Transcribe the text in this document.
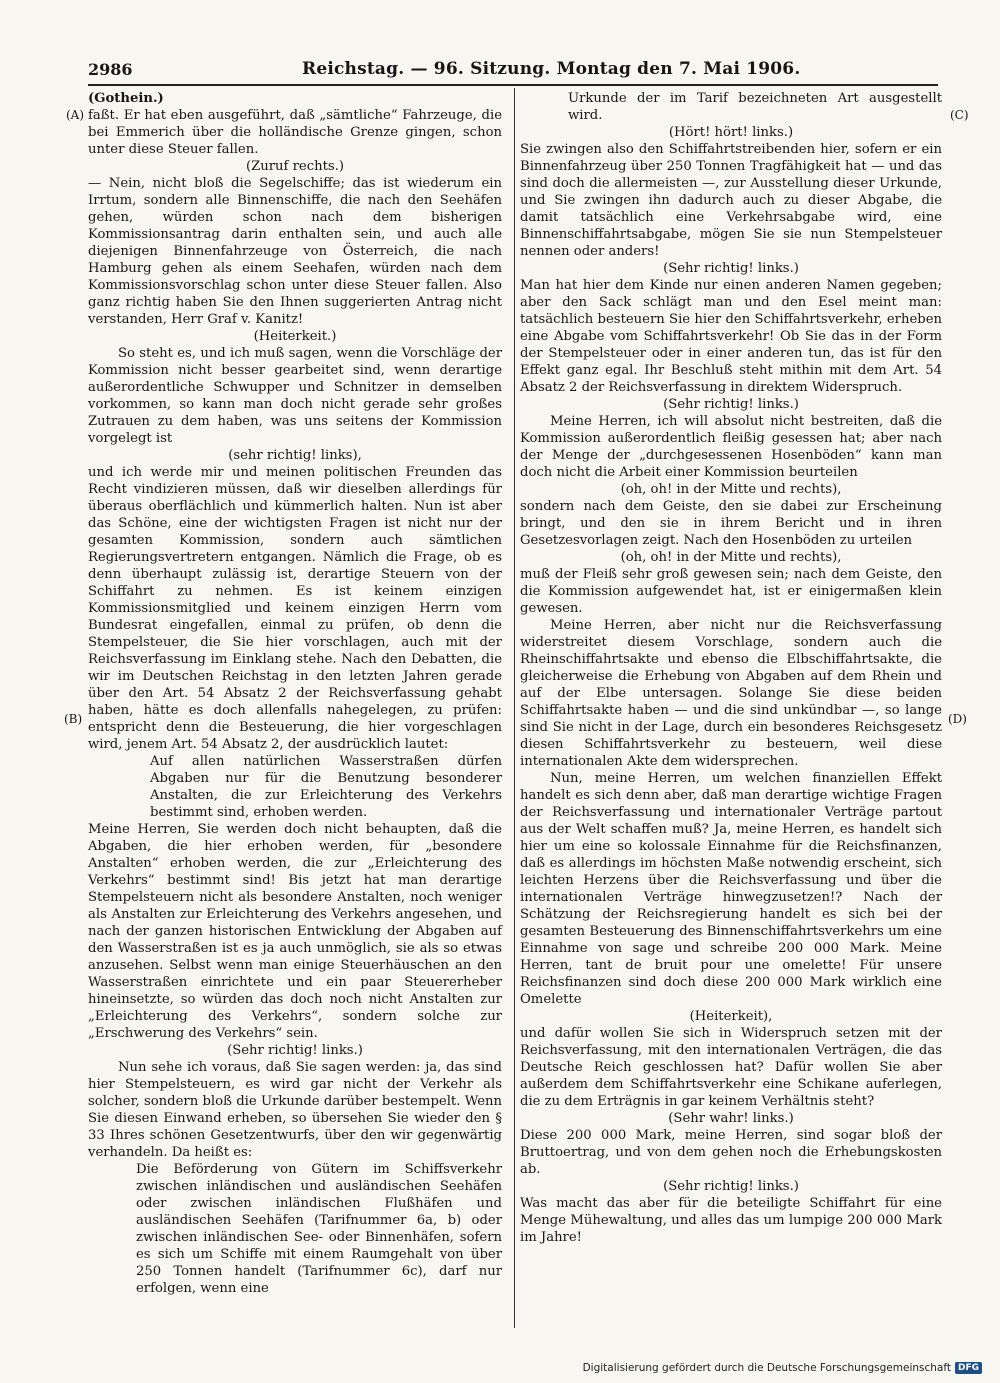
2986	Reichstag. — 96. Sitzung. Montag den 7. Mai 1906.
(A)
(B)
(C)
(D)

(Gothein.)

faßt. Er hat eben ausgeführt, daß „sämtliche“ Fahrzeuge, die bei Emmerich über die holländische Grenze gingen, schon unter diese Steuer fallen.

(Zuruf rechts.)

— Nein, nicht bloß die Segelschiffe; das ist wiederum ein Irrtum, sondern alle Binnenschiffe, die nach den Seehäfen gehen, würden schon nach dem bisherigen Kommissionsantrag darin enthalten sein, und auch alle diejenigen Binnenfahrzeuge von Österreich, die nach Hamburg gehen als einem Seehafen, würden nach dem Kommissionsvorschlag schon unter diese Steuer fallen. Also ganz richtig haben Sie den Ihnen suggerierten Antrag nicht verstanden, Herr Graf v. Kanitz!

(Heiterkeit.)

So steht es, und ich muß sagen, wenn die Vorschläge der Kommission nicht besser gearbeitet sind, wenn derartige außerordentliche Schwupper und Schnitzer in demselben vorkommen, so kann man doch nicht gerade sehr großes Zutrauen zu dem haben, was uns seitens der Kommission vorgelegt ist

(sehr richtig! links),

und ich werde mir und meinen politischen Freunden das Recht vindizieren müssen, daß wir dieselben allerdings für überaus oberflächlich und kümmerlich halten. Nun ist aber das Schöne, eine der wichtigsten Fragen ist nicht nur der gesamten Kommission, sondern auch sämtlichen Regierungsvertretern entgangen. Nämlich die Frage, ob es denn überhaupt zulässig ist, derartige Steuern von der Schiffahrt zu nehmen. Es ist keinem einzigen Kommissionsmitglied und keinem einzigen Herrn vom Bundesrat eingefallen, einmal zu prüfen, ob denn die Stempelsteuer, die Sie hier vorschlagen, auch mit der Reichsverfassung im Einklang stehe. Nach den Debatten, die wir im Deutschen Reichstag in den letzten Jahren gerade über den Art. 54 Absatz 2 der Reichsverfassung gehabt haben, hätte es doch allenfalls nahegelegen, zu prüfen: entspricht denn die Besteuerung, die hier vorgeschlagen wird, jenem Art. 54 Absatz 2, der ausdrücklich lautet:

Auf allen natürlichen Wasserstraßen dürfen Abgaben nur für die Benutzung besonderer Anstalten, die zur Erleichterung des Verkehrs bestimmt sind, erhoben werden.

Meine Herren, Sie werden doch nicht behaupten, daß die Abgaben, die hier erhoben werden, für „besondere Anstalten“ erhoben werden, die zur „Erleichterung des Verkehrs“ bestimmt sind! Bis jetzt hat man derartige Stempelsteuern nicht als besondere Anstalten, noch weniger als Anstalten zur Erleichterung des Verkehrs angesehen, und nach der ganzen historischen Entwicklung der Abgaben auf den Wasserstraßen ist es ja auch unmöglich, sie als so etwas anzusehen. Selbst wenn man einige Steuerhäuschen an den Wasserstraßen einrichtete und ein paar Steuererheber hineinsetzte, so würden das doch noch nicht Anstalten zur „Erleichterung des Verkehrs“, sondern solche zur „Erschwerung des Verkehrs“ sein.

(Sehr richtig! links.)

Nun sehe ich voraus, daß Sie sagen werden: ja, das sind hier Stempelsteuern, es wird gar nicht der Verkehr als solcher, sondern bloß die Urkunde darüber bestempelt. Wenn Sie diesen Einwand erheben, so übersehen Sie wieder den § 33 Ihres schönen Gesetzentwurfs, über den wir gegenwärtig verhandeln. Da heißt es:

Die Beförderung von Gütern im Schiffsverkehr zwischen inländischen und ausländischen Seehäfen oder zwischen inländischen Flußhäfen und ausländischen Seehäfen (Tarifnummer 6a, b) oder zwischen inländischen See- oder Binnenhäfen, sofern es sich um Schiffe mit einem Raumgehalt von über 250 Tonnen handelt (Tarifnummer 6c), darf nur erfolgen, wenn eine

Urkunde der im Tarif bezeichneten Art ausgestellt wird.

(Hört! hört! links.)

Sie zwingen also den Schiffahrtstreibenden hier, sofern er ein Binnenfahrzeug über 250 Tonnen Tragfähigkeit hat — und das sind doch die allermeisten —, zur Ausstellung dieser Urkunde, und Sie zwingen ihn dadurch auch zu dieser Abgabe, die damit tatsächlich eine Verkehrsabgabe wird, eine Binnenschiffahrtsabgabe, mögen Sie sie nun Stempelsteuer nennen oder anders!

(Sehr richtig! links.)

Man hat hier dem Kinde nur einen anderen Namen gegeben; aber den Sack schlägt man und den Esel meint man: tatsächlich besteuern Sie hier den Schiffahrtsverkehr, erheben eine Abgabe vom Schiffahrtsverkehr! Ob Sie das in der Form der Stempelsteuer oder in einer anderen tun, das ist für den Effekt ganz egal. Ihr Beschluß steht mithin mit dem Art. 54 Absatz 2 der Reichsverfassung in direktem Widerspruch.

(Sehr richtig! links.)

Meine Herren, ich will absolut nicht bestreiten, daß die Kommission außerordentlich fleißig gesessen hat; aber nach der Menge der „durchgesessenen Hosenböden“ kann man doch nicht die Arbeit einer Kommission beurteilen

(oh, oh! in der Mitte und rechts),

sondern nach dem Geiste, den sie dabei zur Erscheinung bringt, und den sie in ihrem Bericht und in ihren Gesetzesvorlagen zeigt. Nach den Hosenböden zu urteilen

(oh, oh! in der Mitte und rechts),

muß der Fleiß sehr groß gewesen sein; nach dem Geiste, den die Kommission aufgewendet hat, ist er einigermaßen klein gewesen.

Meine Herren, aber nicht nur die Reichsverfassung widerstreitet diesem Vorschlage, sondern auch die Rheinschiffahrtsakte und ebenso die Elbschiffahrtsakte, die gleicherweise die Erhebung von Abgaben auf dem Rhein und auf der Elbe untersagen. Solange Sie diese beiden Schiffahrtsakte haben — und die sind unkündbar —, so lange sind Sie nicht in der Lage, durch ein besonderes Reichsgesetz diesen Schiffahrtsverkehr zu besteuern, weil diese internationalen Akte dem widersprechen.

Nun, meine Herren, um welchen finanziellen Effekt handelt es sich denn aber, daß man derartige wichtige Fragen der Reichsverfassung und internationaler Verträge partout aus der Welt schaffen muß? Ja, meine Herren, es handelt sich hier um eine so kolossale Einnahme für die Reichsfinanzen, daß es allerdings im höchsten Maße notwendig erscheint, sich leichten Herzens über die Reichsverfassung und über die internationalen Verträge hinwegzusetzen!? Nach der Schätzung der Reichsregierung handelt es sich bei der gesamten Besteuerung des Binnenschiffahrtsverkehrs um eine Einnahme von sage und schreibe 200 000 Mark. Meine Herren, tant de bruit pour une omelette! Für unsere Reichsfinanzen sind doch diese 200 000 Mark wirklich eine Omelette

(Heiterkeit),

und dafür wollen Sie sich in Widerspruch setzen mit der Reichsverfassung, mit den internationalen Verträgen, die das Deutsche Reich geschlossen hat? Dafür wollen Sie aber außerdem dem Schiffahrtsverkehr eine Schikane auferlegen, die zu dem Erträgnis in gar keinem Verhältnis steht?

(Sehr wahr! links.)

Diese 200 000 Mark, meine Herren, sind sogar bloß der Bruttoertrag, und von dem gehen noch die Erhebungskosten ab.

(Sehr richtig! links.)

Was macht das aber für die beteiligte Schiffahrt für eine Menge Mühewaltung, und alles das um lumpige 200 000 Mark im Jahre!

Digitalisierung gefördert durch die Deutsche Forschungsgemeinschaft DFG
